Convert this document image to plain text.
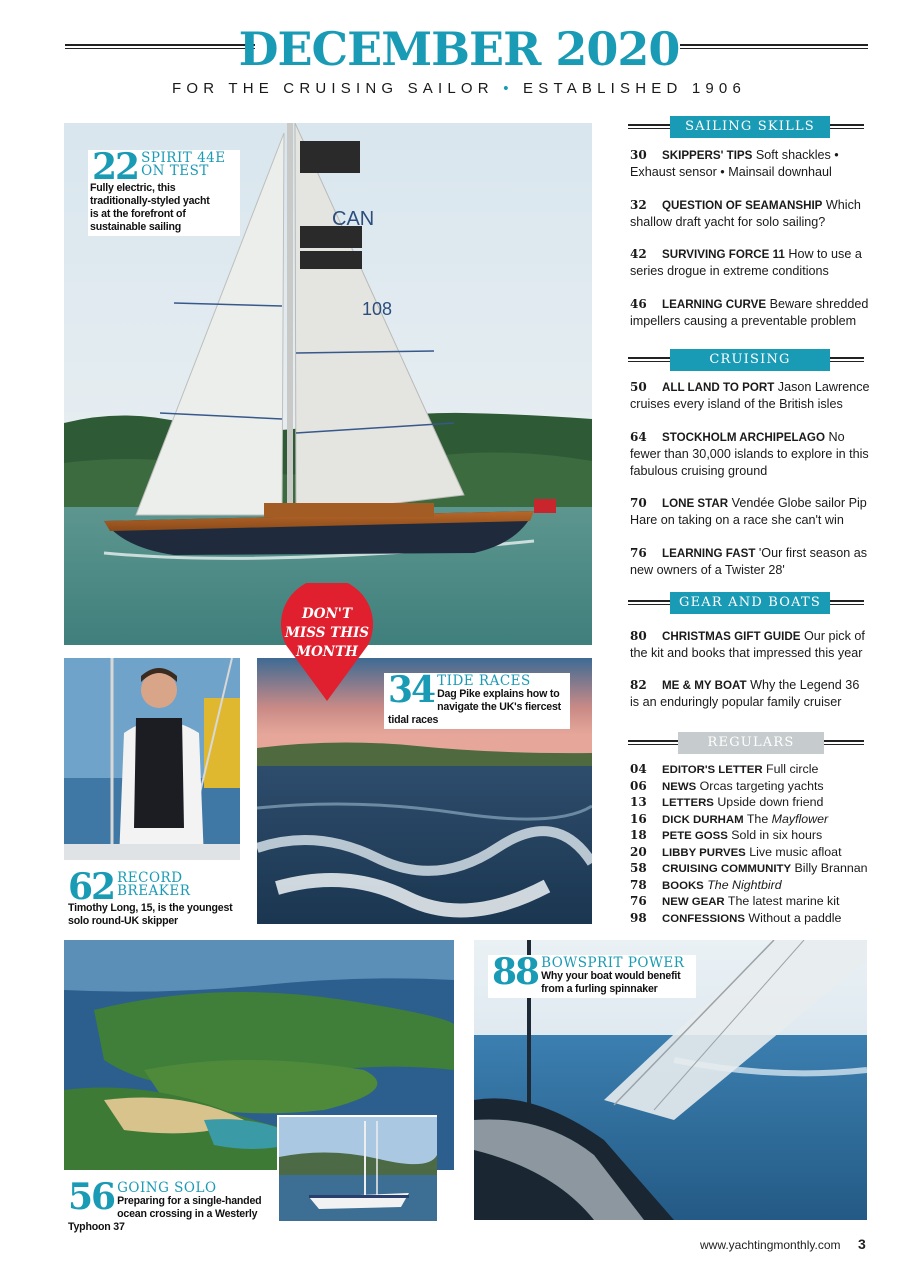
DECEMBER 2020
FOR THE CRUISING SAILOR • ESTABLISHED 1906
CAN
108
22 SPIRIT 44E
ON TEST
Fully electric, this traditionally-styled yacht is at the forefront of sustainable sailing
62 RECORD
BREAKER
Timothy Long, 15, is the youngest solo round-UK skipper
34 TIDE RACES
Dag Pike explains how to navigate the UK's fiercest tidal races
DON'T
MISS THIS
MONTH
56 GOING SOLO
Preparing for a single-handed ocean crossing in a Westerly Typhoon 37
88 BOWSPRIT POWER
Why your boat would benefit from a furling spinnaker
SAILING SKILLS
30 SKIPPERS' TIPS Soft shackles • Exhaust sensor • Mainsail downhaul
32 QUESTION OF SEAMANSHIP Which shallow draft yacht for solo sailing?
42 SURVIVING FORCE 11 How to use a series drogue in extreme conditions
46 LEARNING CURVE Beware shredded impellers causing a preventable problem
CRUISING
50 ALL LAND TO PORT Jason Lawrence cruises every island of the British isles
64 STOCKHOLM ARCHIPELAGO No fewer than 30,000 islands to explore in this fabulous cruising ground
70 LONE STAR Vendée Globe sailor Pip Hare on taking on a race she can't win
76 LEARNING FAST 'Our first season as new owners of a Twister 28'
GEAR AND BOATS
80 CHRISTMAS GIFT GUIDE Our pick of the kit and books that impressed this year
82 ME & MY BOAT Why the Legend 36 is an enduringly popular family cruiser
REGULARS
04 EDITOR'S LETTER Full circle
06 NEWS Orcas targeting yachts
13 LETTERS Upside down friend
16 DICK DURHAM The Mayflower
18 PETE GOSS Sold in six hours
20 LIBBY PURVES Live music afloat
58 CRUISING COMMUNITY Billy Brannan
78 BOOKS The Nightbird
76 NEW GEAR The latest marine kit
98 CONFESSIONS Without a paddle
www.yachtingmonthly.com 3
